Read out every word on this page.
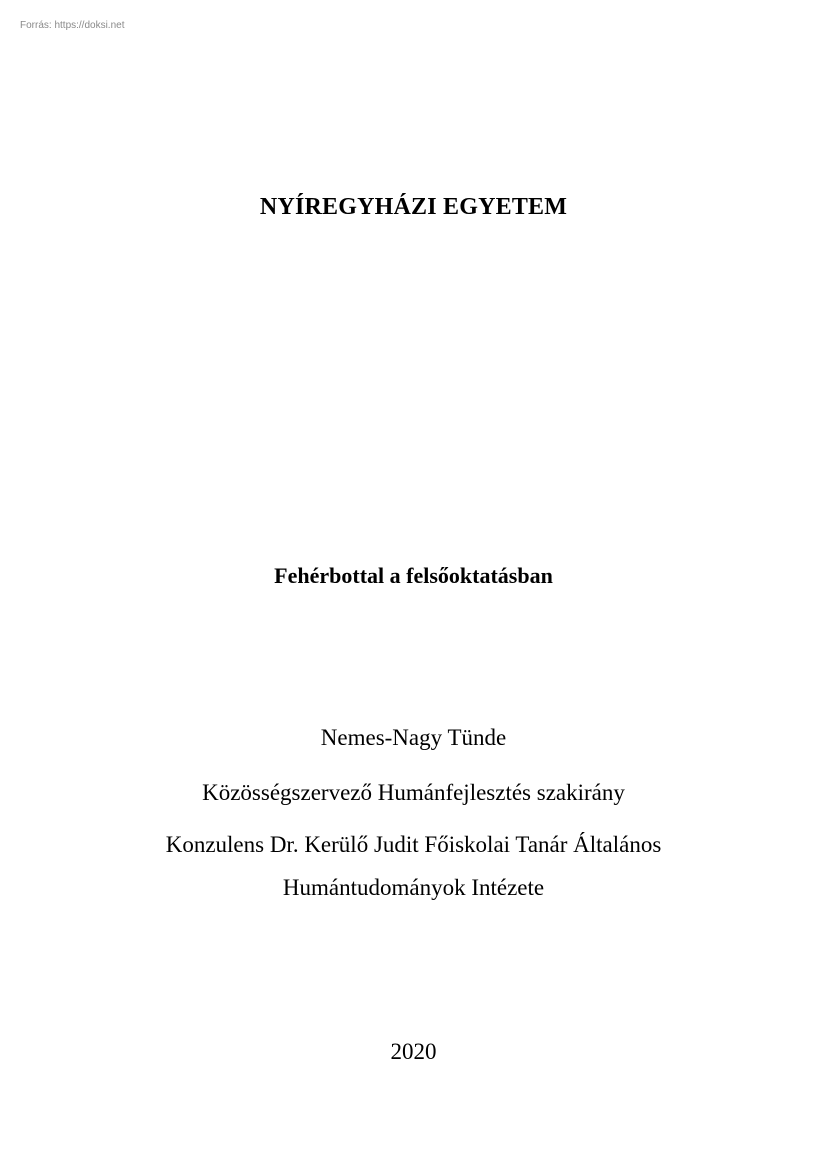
Forrás: https://doksi.net
NYÍREGYHÁZI EGYETEM
Fehérbottal a felsőoktatásban
Nemes-Nagy Tünde
Közösségszervező Humánfejlesztés szakirány
Konzulens Dr. Kerülő Judit Főiskolai Tanár Általános
Humántudományok Intézete
2020
